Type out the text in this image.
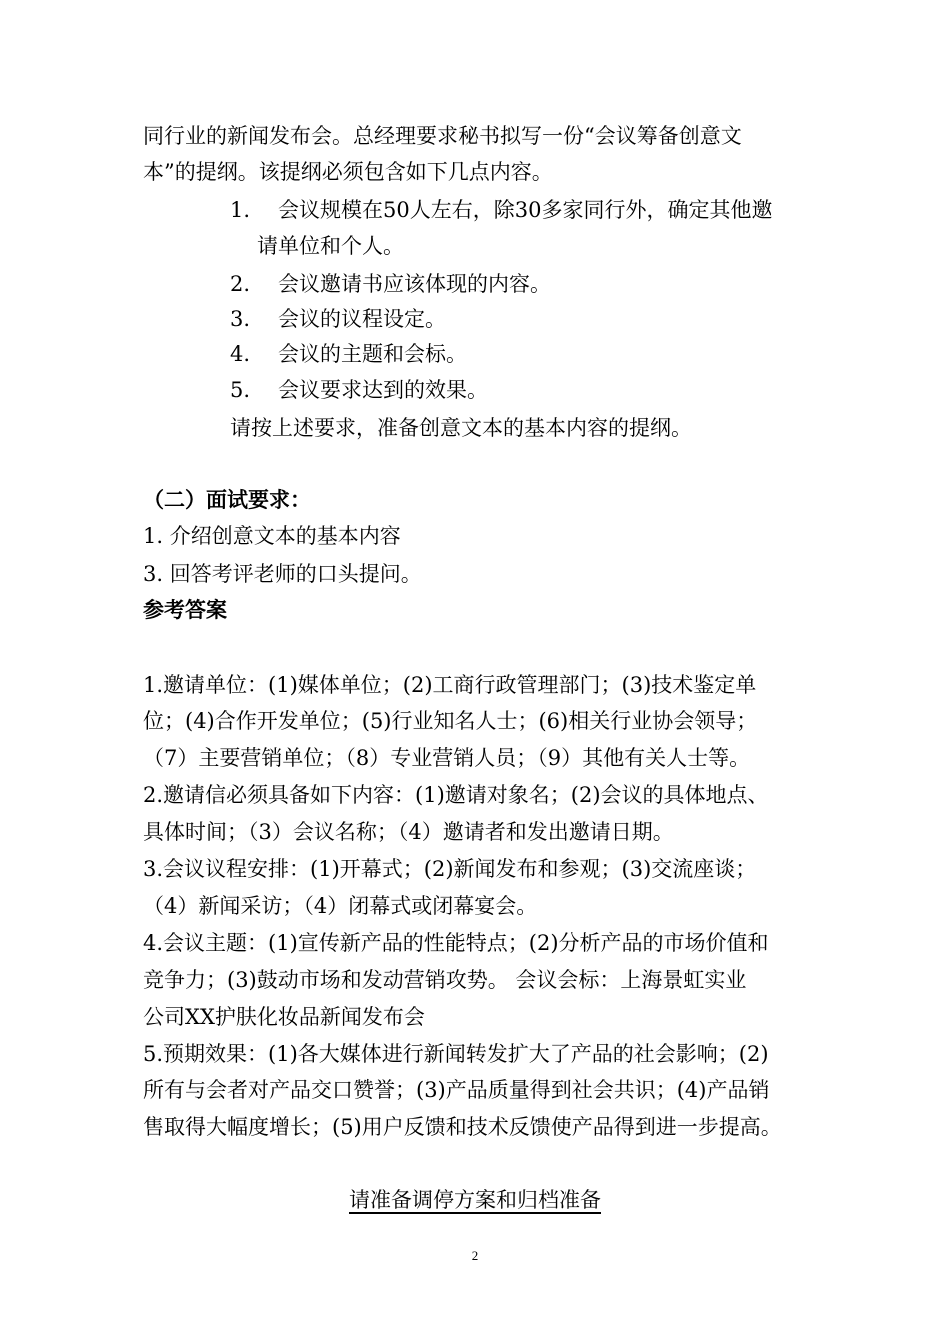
同行业的新闻发布会。总经理要求秘书拟写一份“会议筹备创意文
本”的提纲。该提纲必须包含如下几点内容。
1. 会议规模在50人左右，除30多家同行外，确定其他邀
请单位和个人。
2. 会议邀请书应该体现的内容。
3. 会议的议程设定。
4. 会议的主题和会标。
5. 会议要求达到的效果。
请按上述要求，准备创意文本的基本内容的提纲。
（二）面试要求：
1. 介绍创意文本的基本内容
3. 回答考评老师的口头提问。
参考答案
1.邀请单位：(1)媒体单位；(2)工商行政管理部门；(3)技术鉴定单
位；(4)合作开发单位；(5)行业知名人士；(6)相关行业协会领导；
（7）主要营销单位；（8）专业营销人员；（9）其他有关人士等。
2.邀请信必须具备如下内容：(1)邀请对象名；(2)会议的具体地点、
具体时间；（3）会议名称；（4）邀请者和发出邀请日期。
3.会议议程安排：(1)开幕式；(2)新闻发布和参观；(3)交流座谈；
（4）新闻采访；（4）闭幕式或闭幕宴会。
4.会议主题：(1)宣传新产品的性能特点；(2)分析产品的市场价值和
竞争力；(3)鼓动市场和发动营销攻势。 会议会标：上海景虹实业
公司XX护肤化妆品新闻发布会
5.预期效果：(1)各大媒体进行新闻转发扩大了产品的社会影响；(2)
所有与会者对产品交口赞誉；(3)产品质量得到社会共识；(4)产品销
售取得大幅度增长；(5)用户反馈和技术反馈使产品得到进一步提高。
请准备调停方案和归档准备
2
